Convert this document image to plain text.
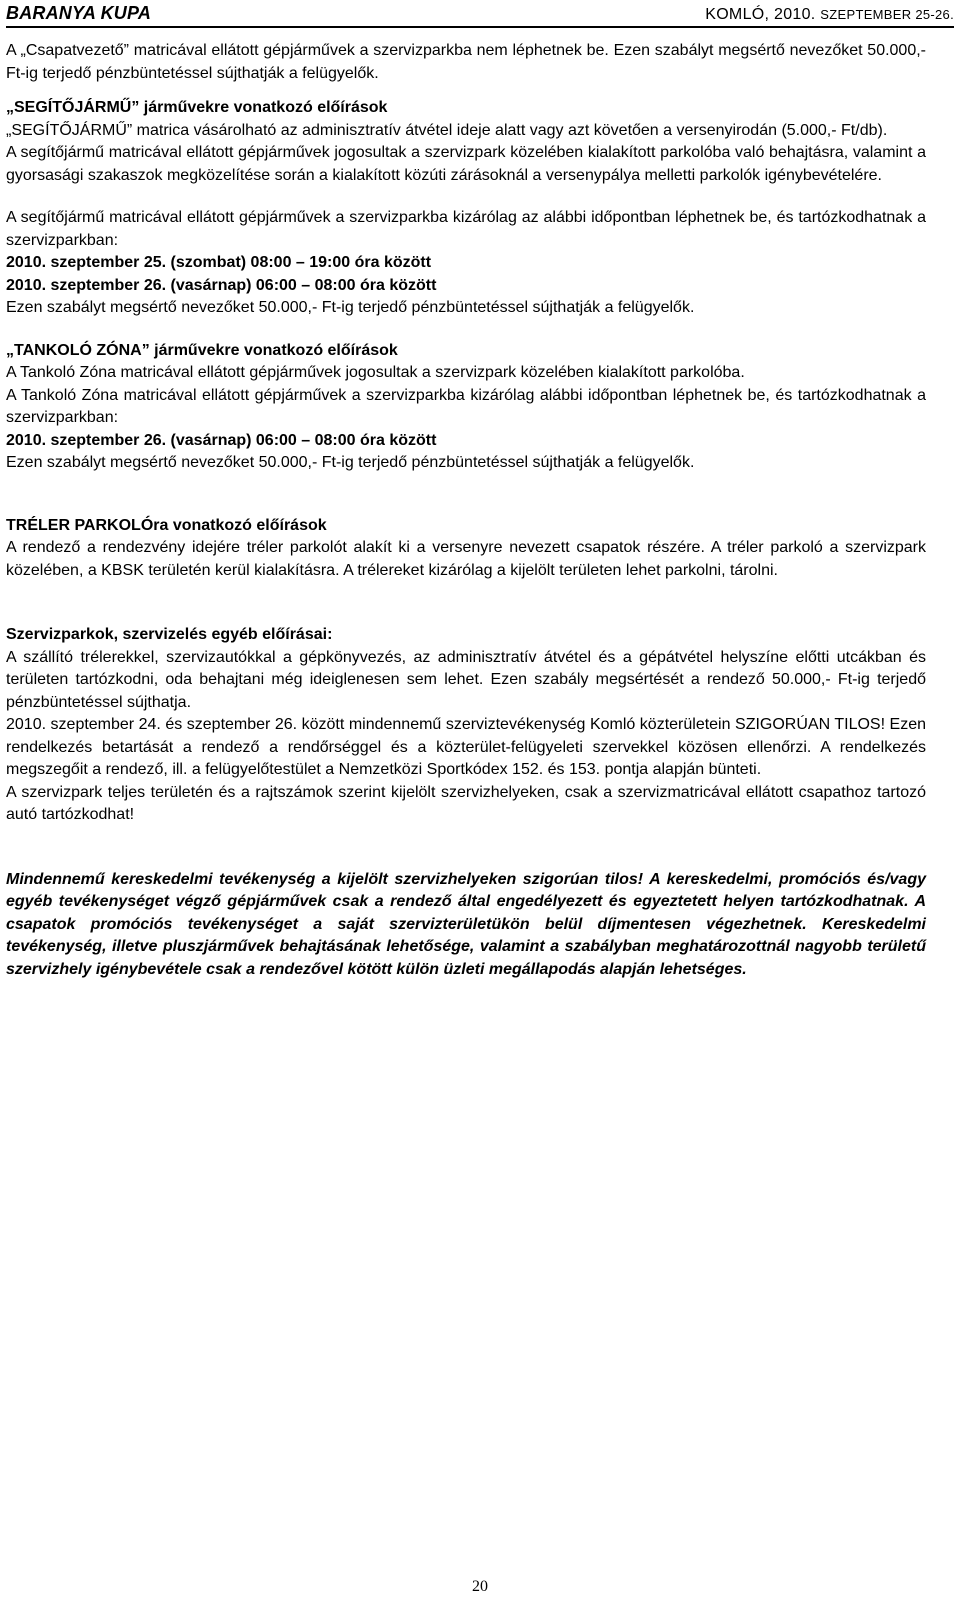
BARANYA KUPA	KOMLÓ, 2010. SZEPTEMBER 25-26.

A „Csapatvezető” matricával ellátott gépjárművek a szervizparkba nem léphetnek be. Ezen szabályt megsértő nevezőket 50.000,- Ft-ig terjedő pénzbüntetéssel sújthatják a felügyelők.

„SEGÍTŐJÁRMŰ” járművekre vonatkozó előírások

„SEGÍTŐJÁRMŰ” matrica vásárolható az adminisztratív átvétel ideje alatt vagy azt követően a versenyirodán (5.000,- Ft/db).

A segítőjármű matricával ellátott gépjárművek jogosultak a szervizpark közelében kialakított parkolóba való behajtásra, valamint a gyorsasági szakaszok megközelítése során a kialakított közúti zárásoknál a versenypálya melletti parkolók igénybevételére.

A segítőjármű matricával ellátott gépjárművek a szervizparkba kizárólag az alábbi időpontban léphetnek be, és tartózkodhatnak a szervizparkban:

2010. szeptember 25. (szombat) 08:00 – 19:00 óra között

2010. szeptember 26. (vasárnap) 06:00 – 08:00 óra között

Ezen szabályt megsértő nevezőket 50.000,- Ft-ig terjedő pénzbüntetéssel sújthatják a felügyelők.

„TANKOLÓ ZÓNA” járművekre vonatkozó előírások

A Tankoló Zóna matricával ellátott gépjárművek jogosultak a szervizpark közelében kialakított parkolóba.

A Tankoló Zóna matricával ellátott gépjárművek a szervizparkba kizárólag alábbi időpontban léphetnek be, és tartózkodhatnak a szervizparkban:

2010. szeptember 26. (vasárnap) 06:00 – 08:00 óra között

Ezen szabályt megsértő nevezőket 50.000,- Ft-ig terjedő pénzbüntetéssel sújthatják a felügyelők.

TRÉLER PARKOLÓra vonatkozó előírások

A rendező a rendezvény idejére tréler parkolót alakít ki a versenyre nevezett csapatok részére. A tréler parkoló a szervizpark közelében, a KBSK területén kerül kialakításra. A trélereket kizárólag a kijelölt területen lehet parkolni, tárolni.

Szervizparkok, szervizelés egyéb előírásai:

A szállító trélerekkel, szervizautókkal a gépkönyvezés, az adminisztratív átvétel és a gépátvétel helyszíne előtti utcákban és területen tartózkodni, oda behajtani még ideiglenesen sem lehet. Ezen szabály megsértését a rendező 50.000,- Ft-ig terjedő pénzbüntetéssel sújthatja.

2010. szeptember 24. és szeptember 26. között mindennemű szerviztevékenység Komló közterületein SZIGORÚAN TILOS! Ezen rendelkezés betartását a rendező a rendőrséggel és a közterület-felügyeleti szervekkel közösen ellenőrzi. A rendelkezés megszegőit a rendező, ill. a felügyelőtestület a Nemzetközi Sportkódex 152. és 153. pontja alapján bünteti.

A szervizpark teljes területén és a rajtszámok szerint kijelölt szervizhelyeken, csak a szervizmatricával ellátott csapathoz tartozó autó tartózkodhat!

Mindennemű kereskedelmi tevékenység a kijelölt szervizhelyeken szigorúan tilos! A kereskedelmi, promóciós és/vagy egyéb tevékenységet végző gépjárművek csak a rendező által engedélyezett és egyeztetett helyen tartózkodhatnak. A csapatok promóciós tevékenységet a saját szervizterületükön belül díjmentesen végezhetnek. Kereskedelmi tevékenység, illetve pluszjárművek behajtásának lehetősége, valamint a szabályban meghatározottnál nagyobb területű szervizhely igénybevétele csak a rendezővel kötött külön üzleti megállapodás alapján lehetséges.

20
